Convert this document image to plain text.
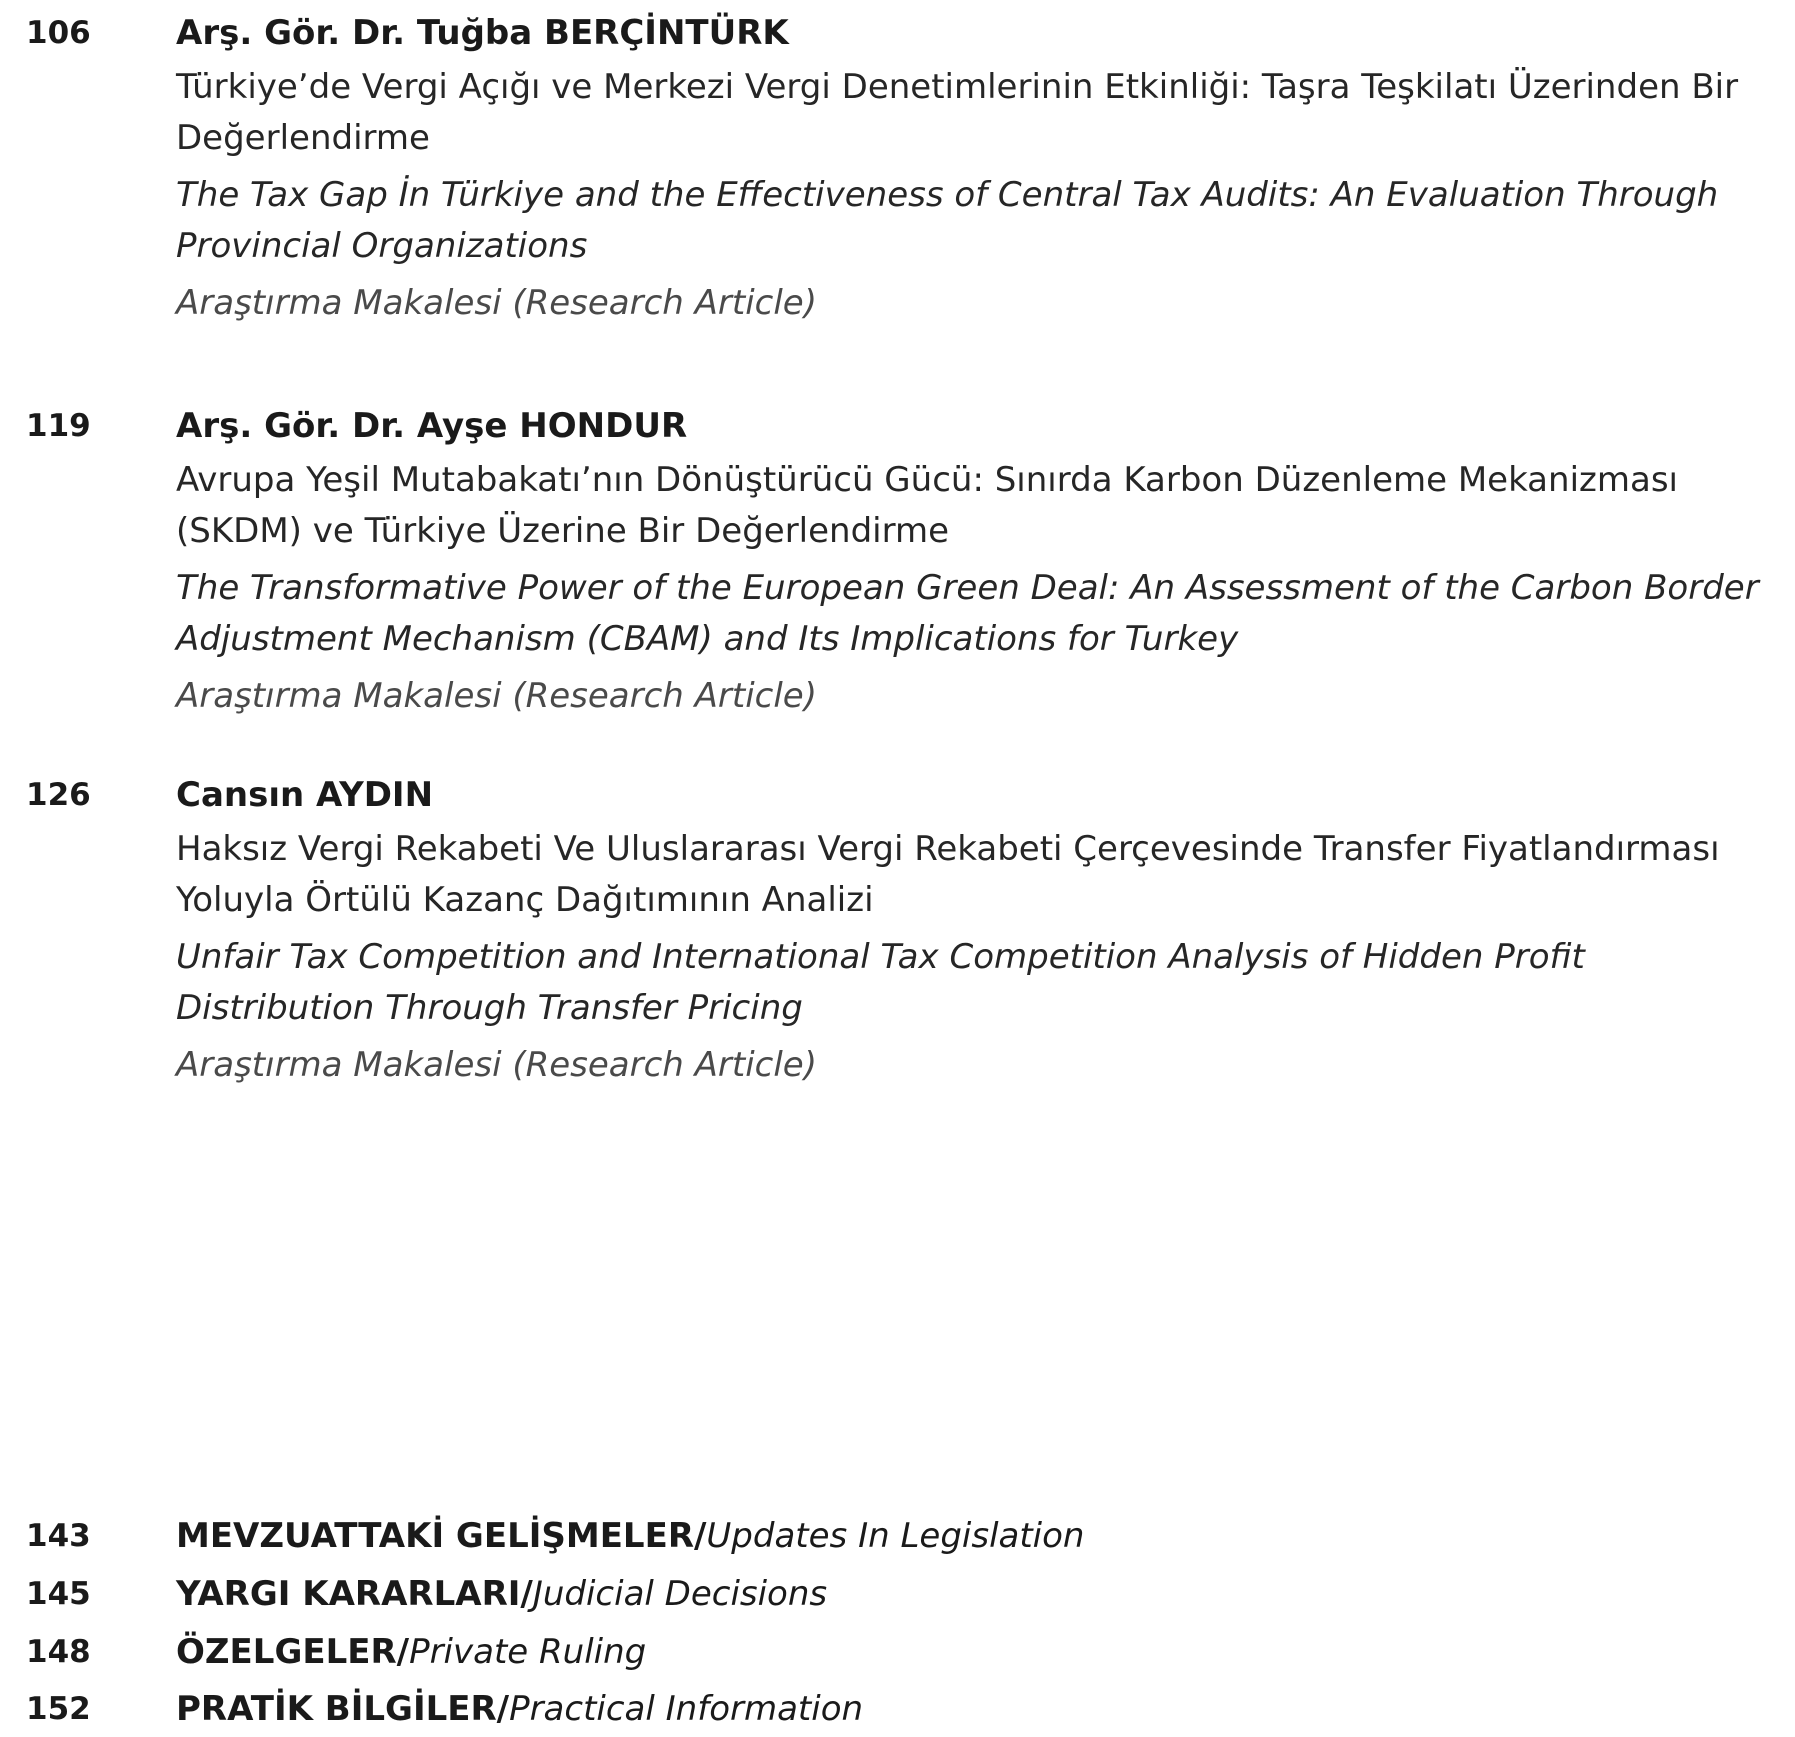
106	Arş. Gör. Dr. Tuğba BERÇİNTÜRK

Türkiye’de Vergi Açığı ve Merkezi Vergi Denetimlerinin Etkinliği: Taşra Teşkilatı Üzerinden Bir Değerlendirme

The Tax Gap İn Türkiye and the Effectiveness of Central Tax Audits: An Evaluation Through Provincial Organizations

Araştırma Makalesi (Research Article)

119	Arş. Gör. Dr. Ayşe HONDUR

Avrupa Yeşil Mutabakatı’nın Dönüştürücü Gücü: Sınırda Karbon Düzenleme Mekanizması (SKDM) ve Türkiye Üzerine Bir Değerlendirme

The Transformative Power of the European Green Deal: An Assessment of the Carbon Border Adjustment Mechanism (CBAM) and Its Implications for Turkey

Araştırma Makalesi (Research Article)

126	Cansın AYDIN

Haksız Vergi Rekabeti Ve Uluslararası Vergi Rekabeti Çerçevesinde Transfer Fiyatlandırması Yoluyla Örtülü Kazanç Dağıtımının Analizi

Unfair Tax Competition and International Tax Competition Analysis of Hidden Profit Distribution Through Transfer Pricing

Araştırma Makalesi (Research Article)

143	MEVZUATTAKİ GELİŞMELER/Updates In Legislation
145	YARGI KARARLARI/Judicial Decisions
148	ÖZELGELER/Private Ruling
152	PRATİK BİLGİLER/Practical Information
